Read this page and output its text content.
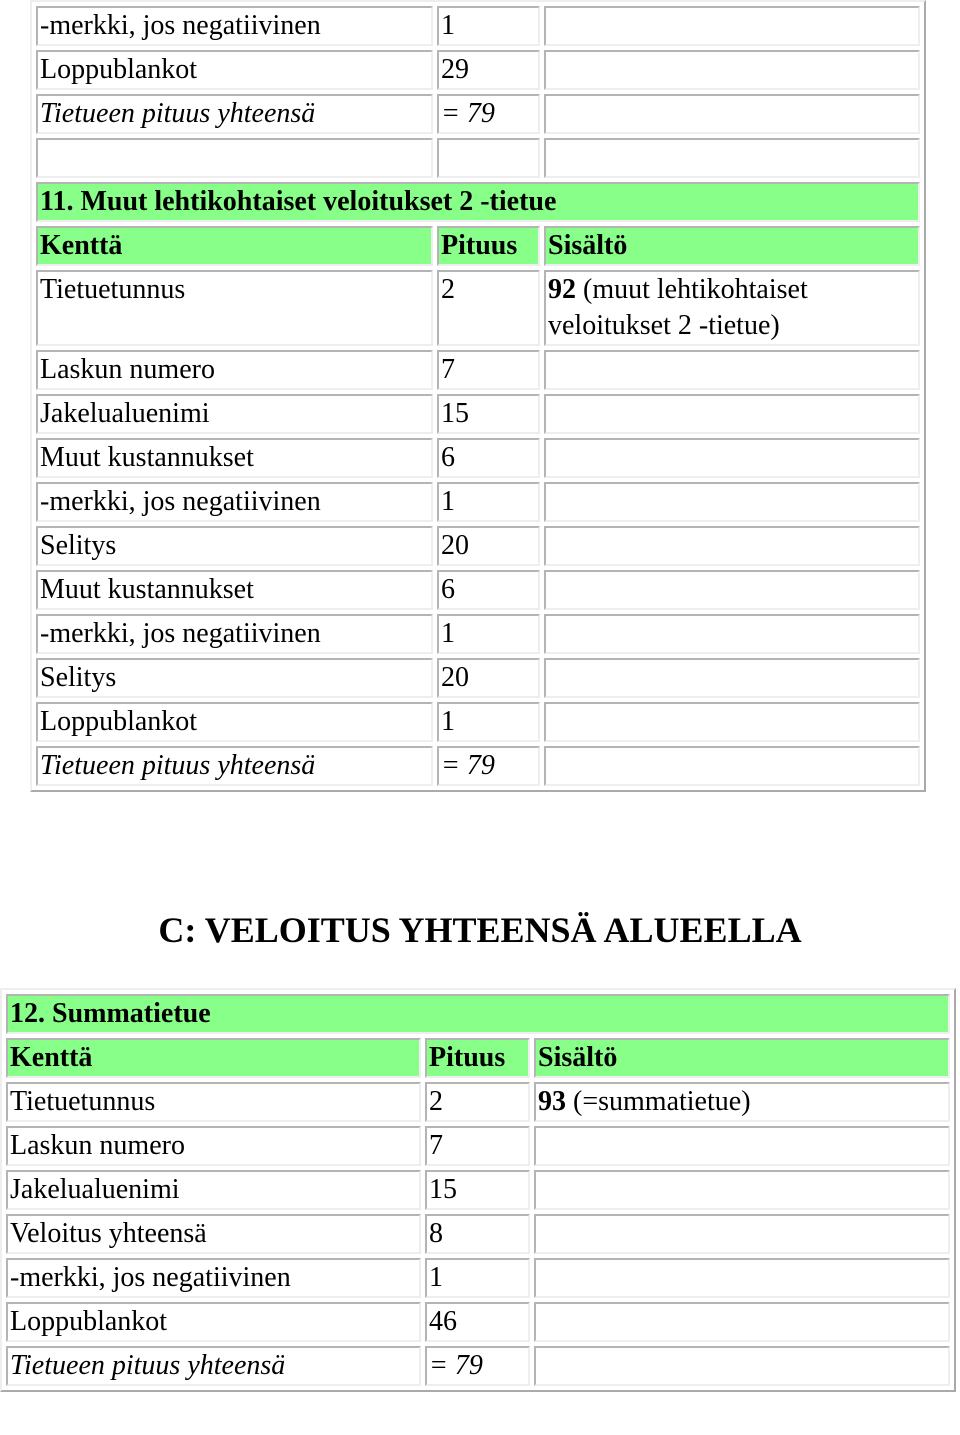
-merkki, jos negatiivinen	1	
Loppublankot	29	
Tietueen pituus yhteensä	= 79	

11. Muut lehtikohtaiset veloitukset 2 -tietue		
Kenttä	Pituus	Sisältö
Tietuetunnus	2	92 (muut lehtikohtaiset veloitukset 2 -tietue)
Laskun numero	7	
Jakelualuenimi	15	
Muut kustannukset	6	
-merkki, jos negatiivinen	1	
Selitys	20	
Muut kustannukset	6	
-merkki, jos negatiivinen	1	
Selitys	20	
Loppublankot	1	
Tietueen pituus yhteensä	= 79	
C: VELOITUS YHTEENSÄ ALUEELLA
12. Summatietue		
Kenttä	Pituus	Sisältö
Tietuetunnus	2	93 (=summatietue)
Laskun numero	7	
Jakelualuenimi	15	
Veloitus yhteensä	8	
-merkki, jos negatiivinen	1	
Loppublankot	46	
Tietueen pituus yhteensä	= 79	
